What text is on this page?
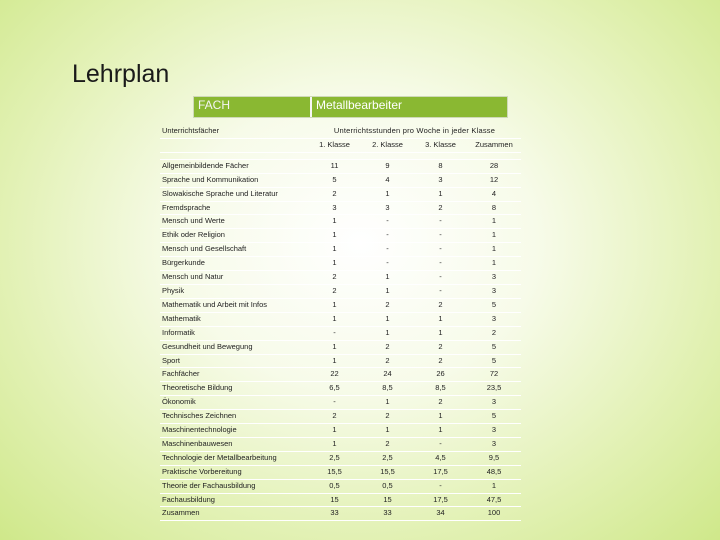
Lehrplan
FACH	Metallbearbeiter
Unterrichtsfächer	Unterrichtsstunden pro Woche in jeder Klasse			
	1. Klasse	2. Klasse	3. Klasse	Zusammen

Allgemeinbildende Fächer	11	9	8	28
Sprache und Kommunikation	5	4	3	12
Slowakische Sprache und Literatur	2	1	1	4
Fremdsprache	3	3	2	8
Mensch und Werte	1	-	-	1
Ethik oder Religion	1	-	-	1
Mensch und Gesellschaft	1	-	-	1
Bürgerkunde	1	-	-	1
Mensch und Natur	2	1	-	3
Physik	2	1	-	3
Mathematik und Arbeit mit Infos	1	2	2	5
Mathematik	1	1	1	3
Informatik	-	1	1	2
Gesundheit und Bewegung	1	2	2	5
Sport	1	2	2	5
Fachfächer	22	24	26	72
Theoretische Bildung	6,5	8,5	8,5	23,5
Ökonomik	-	1	2	3
Technisches Zeichnen	2	2	1	5
Maschinentechnologie	1	1	1	3
Maschinenbauwesen	1	2	-	3
Technologie der Metallbearbeitung	2,5	2,5	4,5	9,5
Praktische Vorbereitung	15,5	15,5	17,5	48,5
Theorie der Fachausbildung	0,5	0,5	-	1
Fachausbildung	15	15	17,5	47,5
Zusammen	33	33	34	100
